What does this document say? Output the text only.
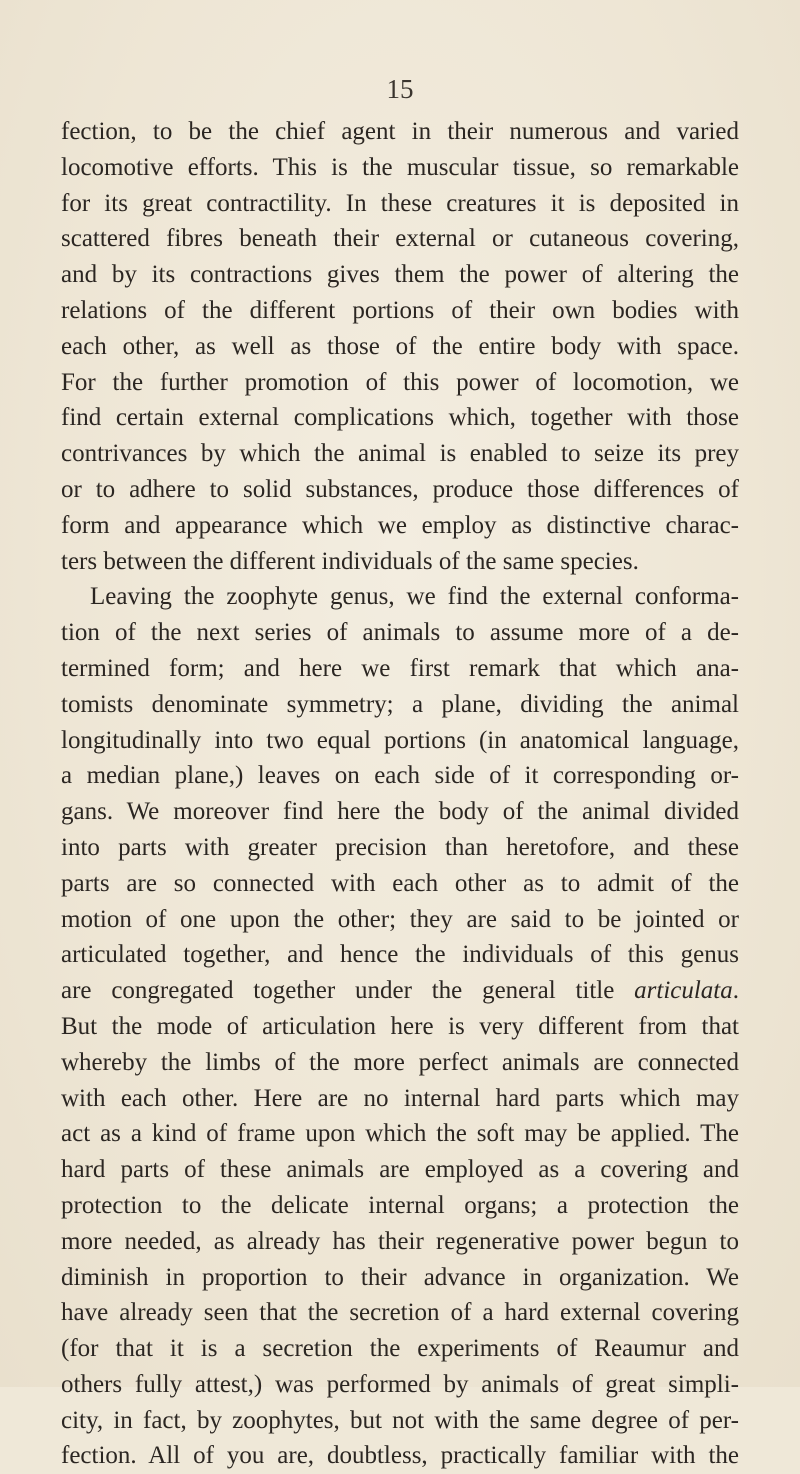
15
fection, to be the chief agent in their numerous and varied
locomotive efforts. This is the muscular tissue, so remarkable
for its great contractility. In these creatures it is deposited in
scattered fibres beneath their external or cutaneous covering,
and by its contractions gives them the power of altering the
relations of the different portions of their own bodies with
each other, as well as those of the entire body with space.
For the further promotion of this power of locomotion, we
find certain external complications which, together with those
contrivances by which the animal is enabled to seize its prey
or to adhere to solid substances, produce those differences of
form and appearance which we employ as distinctive charac-
ters between the different individuals of the same species.
Leaving the zoophyte genus, we find the external conforma-
tion of the next series of animals to assume more of a de-
termined form; and here we first remark that which ana-
tomists denominate symmetry; a plane, dividing the animal
longitudinally into two equal portions (in anatomical language,
a median plane,) leaves on each side of it corresponding or-
gans. We moreover find here the body of the animal divided
into parts with greater precision than heretofore, and these
parts are so connected with each other as to admit of the
motion of one upon the other; they are said to be jointed or
articulated together, and hence the individuals of this genus
are congregated together under the general title articulata.
But the mode of articulation here is very different from that
whereby the limbs of the more perfect animals are connected
with each other. Here are no internal hard parts which may
act as a kind of frame upon which the soft may be applied. The
hard parts of these animals are employed as a covering and
protection to the delicate internal organs; a protection the
more needed, as already has their regenerative power begun to
diminish in proportion to their advance in organization. We
have already seen that the secretion of a hard external covering
(for that it is a secretion the experiments of Reaumur and
others fully attest,) was performed by animals of great simpli-
city, in fact, by zoophytes, but not with the same degree of per-
fection. All of you are, doubtless, practically familiar with the
